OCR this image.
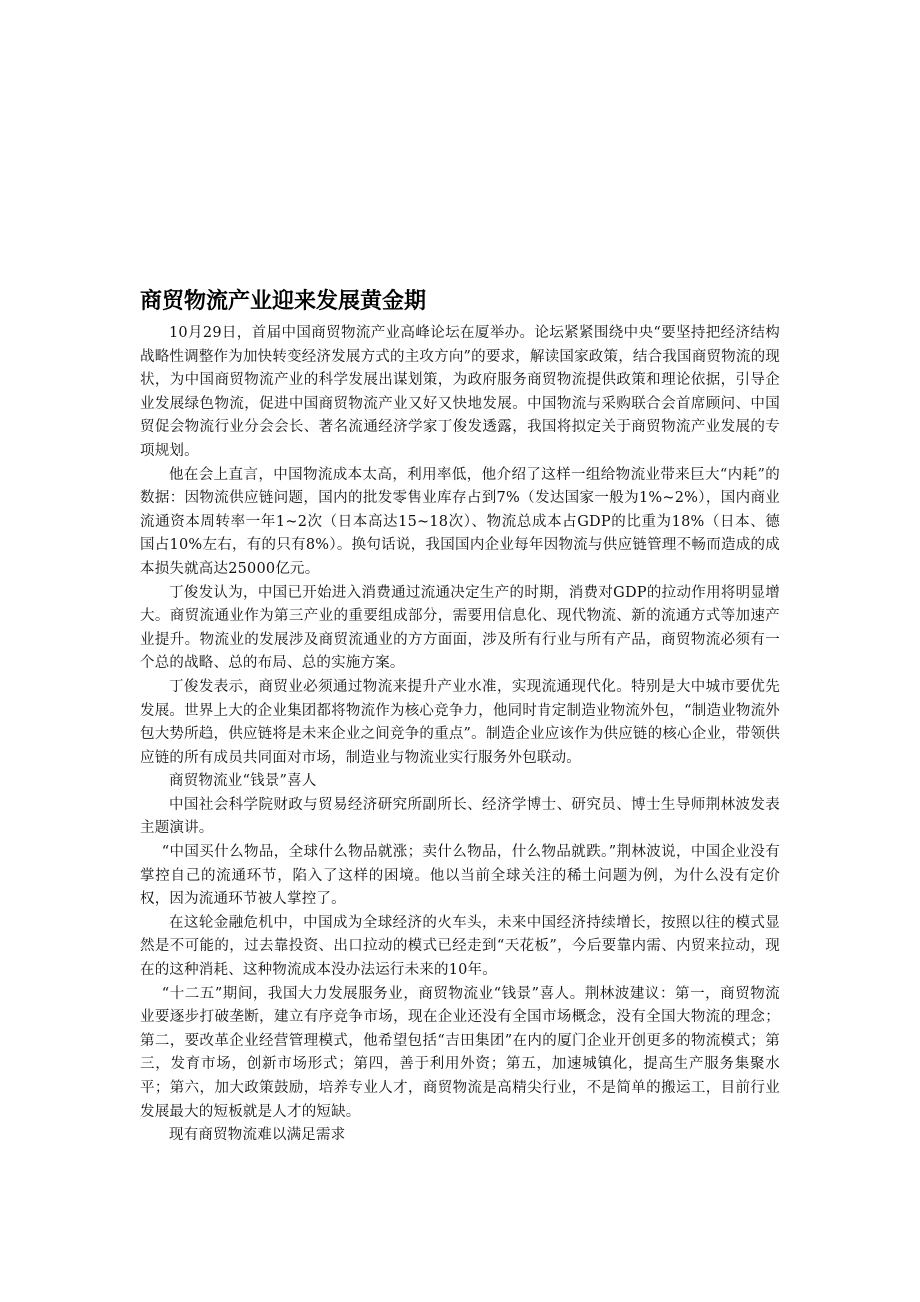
商贸物流产业迎来发展黄金期

10月29日，首届中国商贸物流产业高峰论坛在厦举办。论坛紧紧围绕中央“要坚持把经济结构战略性调整作为加快转变经济发展方式的主攻方向”的要求，解读国家政策，结合我国商贸物流的现状，为中国商贸物流产业的科学发展出谋划策，为政府服务商贸物流提供政策和理论依据，引导企业发展绿色物流，促进中国商贸物流产业又好又快地发展。中国物流与采购联合会首席顾问、中国贸促会物流行业分会会长、著名流通经济学家丁俊发透露，我国将拟定关于商贸物流产业发展的专项规划。

他在会上直言，中国物流成本太高，利用率低，他介绍了这样一组给物流业带来巨大“内耗”的数据：因物流供应链问题，国内的批发零售业库存占到7%（发达国家一般为1%~2%），国内商业流通资本周转率一年1~2次（日本高达15~18次）、物流总成本占GDP的比重为18%（日本、德国占10%左右，有的只有8%）。换句话说，我国国内企业每年因物流与供应链管理不畅而造成的成本损失就高达25000亿元。

丁俊发认为，中国已开始进入消费通过流通决定生产的时期，消费对GDP的拉动作用将明显增大。商贸流通业作为第三产业的重要组成部分，需要用信息化、现代物流、新的流通方式等加速产业提升。物流业的发展涉及商贸流通业的方方面面，涉及所有行业与所有产品，商贸物流必须有一个总的战略、总的布局、总的实施方案。

丁俊发表示，商贸业必须通过物流来提升产业水准，实现流通现代化。特别是大中城市要优先发展。世界上大的企业集团都将物流作为核心竞争力，他同时肯定制造业物流外包，“制造业物流外包大势所趋，供应链将是未来企业之间竞争的重点”。制造企业应该作为供应链的核心企业，带领供应链的所有成员共同面对市场，制造业与物流业实行服务外包联动。

商贸物流业“钱景”喜人

中国社会科学院财政与贸易经济研究所副所长、经济学博士、研究员、博士生导师荆林波发表主题演讲。

“中国买什么物品，全球什么物品就涨；卖什么物品，什么物品就跌。”荆林波说，中国企业没有掌控自己的流通环节，陷入了这样的困境。他以当前全球关注的稀土问题为例，为什么没有定价权，因为流通环节被人掌控了。

在这轮金融危机中，中国成为全球经济的火车头，未来中国经济持续增长，按照以往的模式显然是不可能的，过去靠投资、出口拉动的模式已经走到“天花板”，今后要靠内需、内贸来拉动，现在的这种消耗、这种物流成本没办法运行未来的10年。

“十二五”期间，我国大力发展服务业，商贸物流业“钱景”喜人。荆林波建议：第一，商贸物流业要逐步打破垄断，建立有序竞争市场，现在企业还没有全国市场概念，没有全国大物流的理念；第二，要改革企业经营管理模式，他希望包括“吉田集团”在内的厦门企业开创更多的物流模式；第三，发育市场，创新市场形式；第四，善于利用外资；第五，加速城镇化，提高生产服务集聚水平；第六，加大政策鼓励，培养专业人才，商贸物流是高精尖行业，不是简单的搬运工，目前行业发展最大的短板就是人才的短缺。

现有商贸物流难以满足需求
